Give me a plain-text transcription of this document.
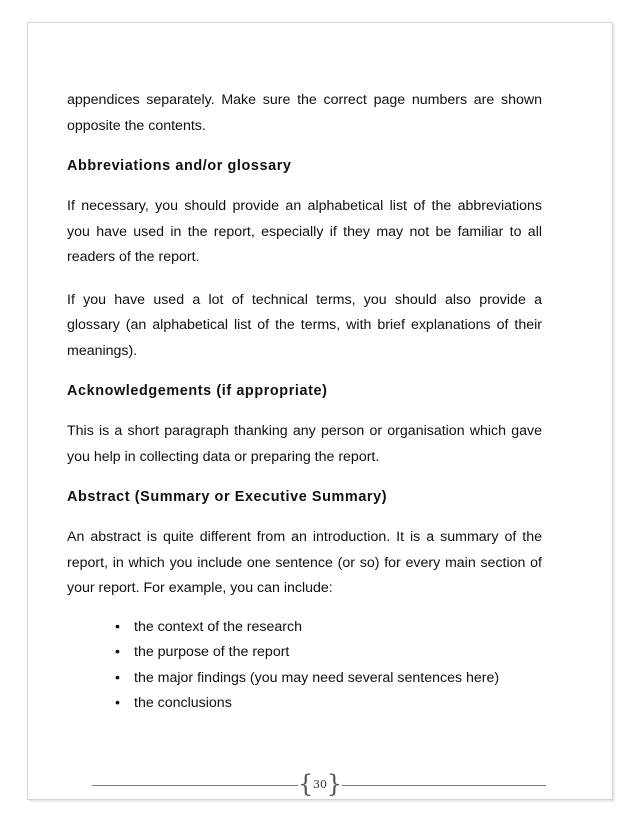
appendices separately. Make sure the correct page numbers are shown opposite the contents.

Abbreviations and/or glossary

If necessary, you should provide an alphabetical list of the abbreviations you have used in the report, especially if they may not be familiar to all readers of the report.

If you have used a lot of technical terms, you should also provide a glossary (an alphabetical list of the terms, with brief explanations of their meanings).

Acknowledgements (if appropriate)

This is a short paragraph thanking any person or organisation which gave you help in collecting data or preparing the report.

Abstract (Summary or Executive Summary)

An abstract is quite different from an introduction. It is a summary of the report, in which you include one sentence (or so) for every main section of your report. For example, you can include:

• the context of the research
• the purpose of the report
• the major findings (you may need several sentences here)
• the conclusions
{ 30 }
